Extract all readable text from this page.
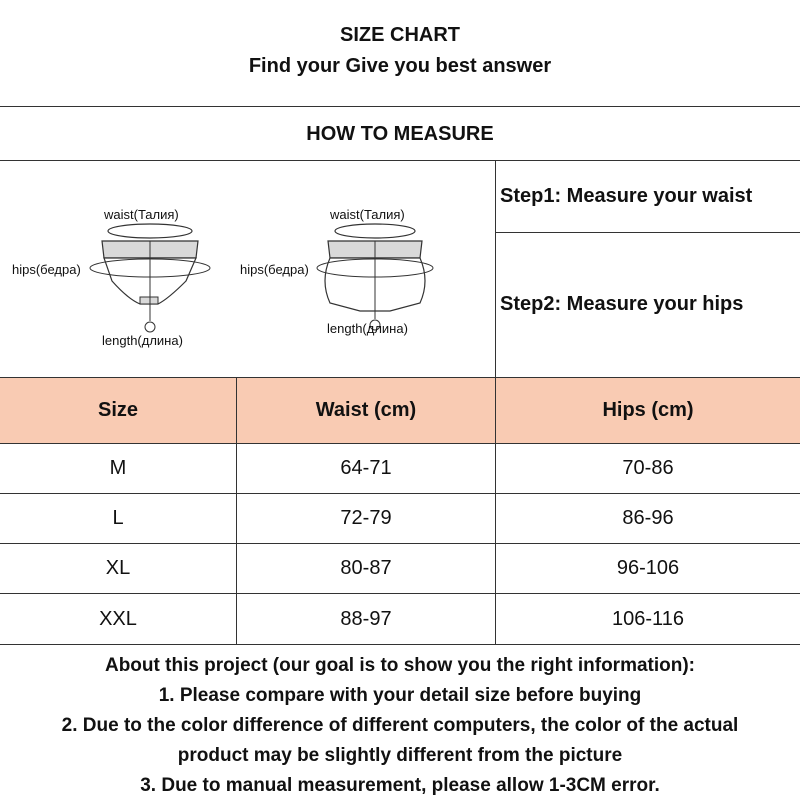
SIZE CHART
Find your Give you best answer
HOW TO MEASURE
waist(Талия)
hips(бедра)
length(длина)
waist(Талия)
hips(бедра)
length(длина)
Step1: Measure your waist
Step2: Measure your hips
Size	Waist (cm)	Hips (cm)
M	64-71	70-86
L	72-79	86-96
XL	80-87	96-106
XXL	88-97	106-116

About this project (our goal is to show you the right information):

1. Please compare with your detail size before buying

2. Due to the color difference of different computers, the color of the actual

product may be slightly different from the picture

3. Due to manual measurement, please allow 1-3CM error.
